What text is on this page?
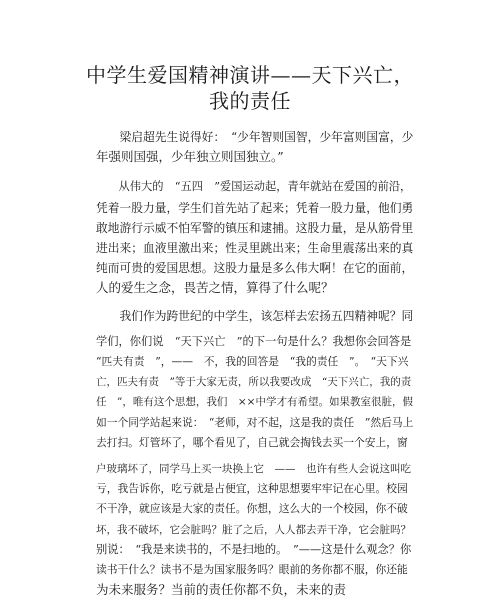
中学生爱国精神演讲——天下兴亡，
我的责任

　　梁启超先生说得好：　“少年智则国智，少年富则国富，少
年强则国强，少年独立则国独立。”

　　从伟大的　“五四　”爱国运动起，青年就站在爱国的前沿，
凭着一股力量，学生们首先站了起来；凭着一股力量，他们勇
敢地游行示威不怕军警的镇压和逮捕。这股力量，是从筋骨里
进出来；血液里激出来；性灵里跳出来；生命里震荡出来的真
纯而可贵的爱国思想。这股力量是多么伟大啊！在它的面前，
人的爱生之念，畏苦之情，算得了什么呢？

　　我们作为跨世纪的中学生，该怎样去宏扬五四精神呢？同
学们，你们说　“天下兴亡　”的下一句是什么？我想你会回答是
“匹夫有责　”，——　不，我的回答是　“我的责任　”。　“天下兴
亡，匹夫有责　”等于大家无责，所以我要改成　“天下兴亡，我的责
任　”，唯有这个思想，我们　××中学才有希望。如果教室很脏，假
如一个同学站起来说：　“老师，对不起，这是我的责任　”然后马上
去打扫。灯管坏了，哪个看见了，自己就会掏钱去买一个安上，窗
户玻璃坏了，同学马上买一块换上它　——　也许有些人会说这叫吃
亏，我告诉你，吃亏就是占便宜，这种思想要牢牢记在心里。校园
不干净，就应该是大家的责任。你想，这么大的一个校园，你不破
坏，我不破坏，它会脏吗？脏了之后，人人都去弄干净，它会脏吗？
别说：　“我是来读书的，不是扫地的。　”——这是什么观念？你
读书干什么？读书不是为国家服务吗？眼前的务你都不服，你还能
为未来服务？当前的责任你都不负，未来的责
